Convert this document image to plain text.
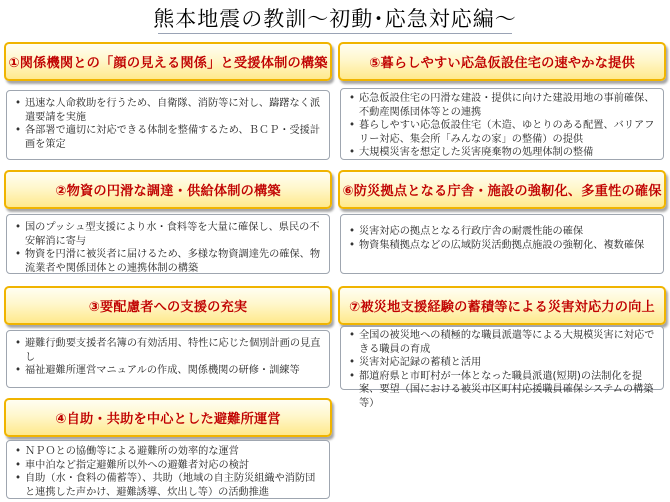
熊本地震の教訓～初動･応急対応編～
①関係機関との「顔の見える関係」と受援体制の構築
• 迅速な人命救助を行うため、自衛隊、消防等に対し、躊躇なく派遣要請を実施
• 各部署で適切に対応できる体制を整備するため、ＢＣＰ・受援計画を策定
②物資の円滑な調達・供給体制の構築
• 国のプッシュ型支援により水・食料等を大量に確保し、県民の不安解消に寄与
• 物資を円滑に被災者に届けるため、多様な物資調達先の確保、物流業者や関係団体との連携体制の構築
③要配慮者への支援の充実
• 避難行動要支援者名簿の有効活用、特性に応じた個別計画の見直し
• 福祉避難所運営マニュアルの作成、関係機関の研修・訓練等
④自助・共助を中心とした避難所運営
• ＮＰＯとの協働等による避難所の効率的な運営
• 車中泊など指定避難所以外への避難者対応の検討
• 自助（水・食料の備蓄等）、共助（地域の自主防災組織や消防団と連携した声かけ、避難誘導、炊出し等）の活動推進
⑤暮らしやすい応急仮設住宅の速やかな提供
• 応急仮設住宅の円滑な建設・提供に向けた建設用地の事前確保、不動産関係団体等との連携
• 暮らしやすい応急仮設住宅（木造、ゆとりのある配置、バリアフリー対応、集会所「みんなの家」の整備）の提供
• 大規模災害を想定した災害廃棄物の処理体制の整備
⑥防災拠点となる庁舎・施設の強靭化、多重性の確保
• 災害対応の拠点となる行政庁舎の耐震性能の確保
• 物資集積拠点などの広域防災活動拠点施設の強靭化、複数確保
⑦被災地支援経験の蓄積等による災害対応力の向上
• 全国の被災地への積極的な職員派遣等による大規模災害に対応できる職員の育成
• 災害対応記録の蓄積と活用
• 都道府県と市町村が一体となった職員派遣(短期)の法制化を提案、要望（国における被災市区町村応援職員確保システムの構築等）
